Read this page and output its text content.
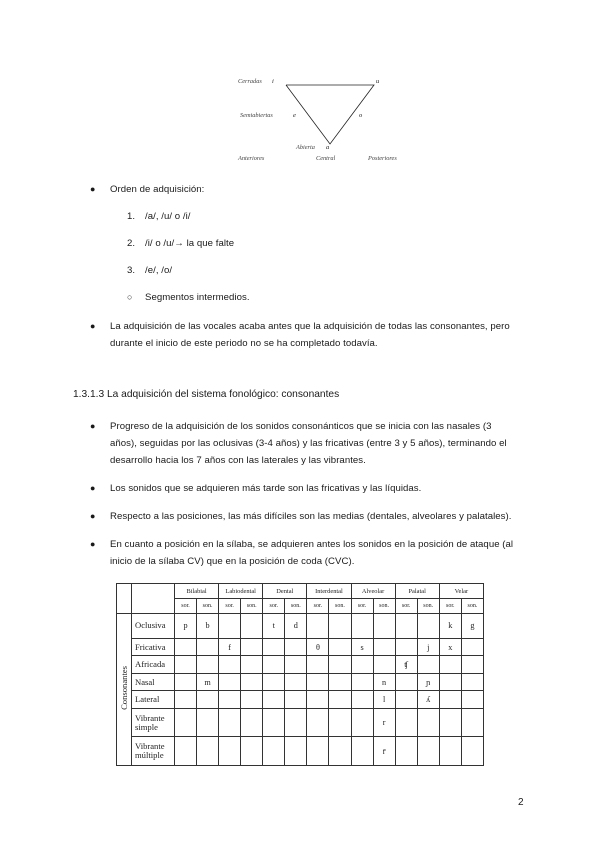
Cerradas i	u
Semiabiertas	e	o
Abierta a
Anteriores	Central	Posteriores
● Orden de adquisición:
1. /a/, /u/ o /i/
2. /i/ o /u/→ la que falte
3. /e/, /o/
○ Segmentos intermedios.
● La adquisición de las vocales acaba antes que la adquisición de todas las consonantes, pero
durante el inicio de este periodo no se ha completado todavía.
1.3.1.3 La adquisición del sistema fonológico: consonantes
● Progreso de la adquisición de los sonidos consonánticos que se inicia con las nasales (3
años), seguidas por las oclusivas (3-4 años) y las fricativas (entre 3 y 5 años), terminando el
desarrollo hacia los 7 años con las laterales y las vibrantes.
● Los sonidos que se adquieren más tarde son las fricativas y las líquidas.
● Respecto a las posiciones, las más difíciles son las medias (dentales, alveolares y palatales).
● En cuanto a posición en la sílaba, se adquieren antes los sonidos en la posición de ataque (al
inicio de la sílaba CV) que en la posición de coda (CVC).
		Bilabial		Labiodental		Dental		Interdental		Alveolar		Palatal		Velar	
		sor.	son.	sor.	son.	sor.	son.	sor.	son.	sor.	son.	sor.	son.	sor.	son.
Consonantes	Oclusiva	p	b			t	d							k	g
	Fricativa			f				θ		s			j	x	
	Africada											ʧ			
	Nasal		m								n		ɲ		
	Lateral										l		ʎ		
	Vibrante simple										r				
	Vibrante múltiple										r̄				
2
